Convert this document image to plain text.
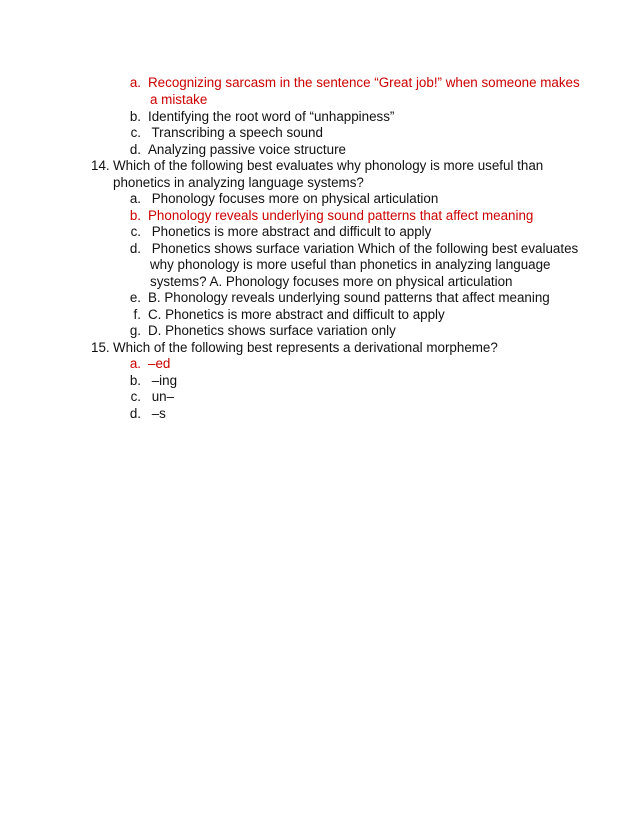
a. Recognizing sarcasm in the sentence “Great job!” when someone makes
a mistake
b. Identifying the root word of “unhappiness”
c. Transcribing a speech sound
d. Analyzing passive voice structure
14. Which of the following best evaluates why phonology is more useful than
phonetics in analyzing language systems?
a. Phonology focuses more on physical articulation
b. Phonology reveals underlying sound patterns that affect meaning
c. Phonetics is more abstract and difficult to apply
d. Phonetics shows surface variation Which of the following best evaluates
why phonology is more useful than phonetics in analyzing language
systems? A. Phonology focuses more on physical articulation
e. B. Phonology reveals underlying sound patterns that affect meaning
f. C. Phonetics is more abstract and difficult to apply
g. D. Phonetics shows surface variation only
15. Which of the following best represents a derivational morpheme?
a. –ed
b. –ing
c. un–
d. –s
